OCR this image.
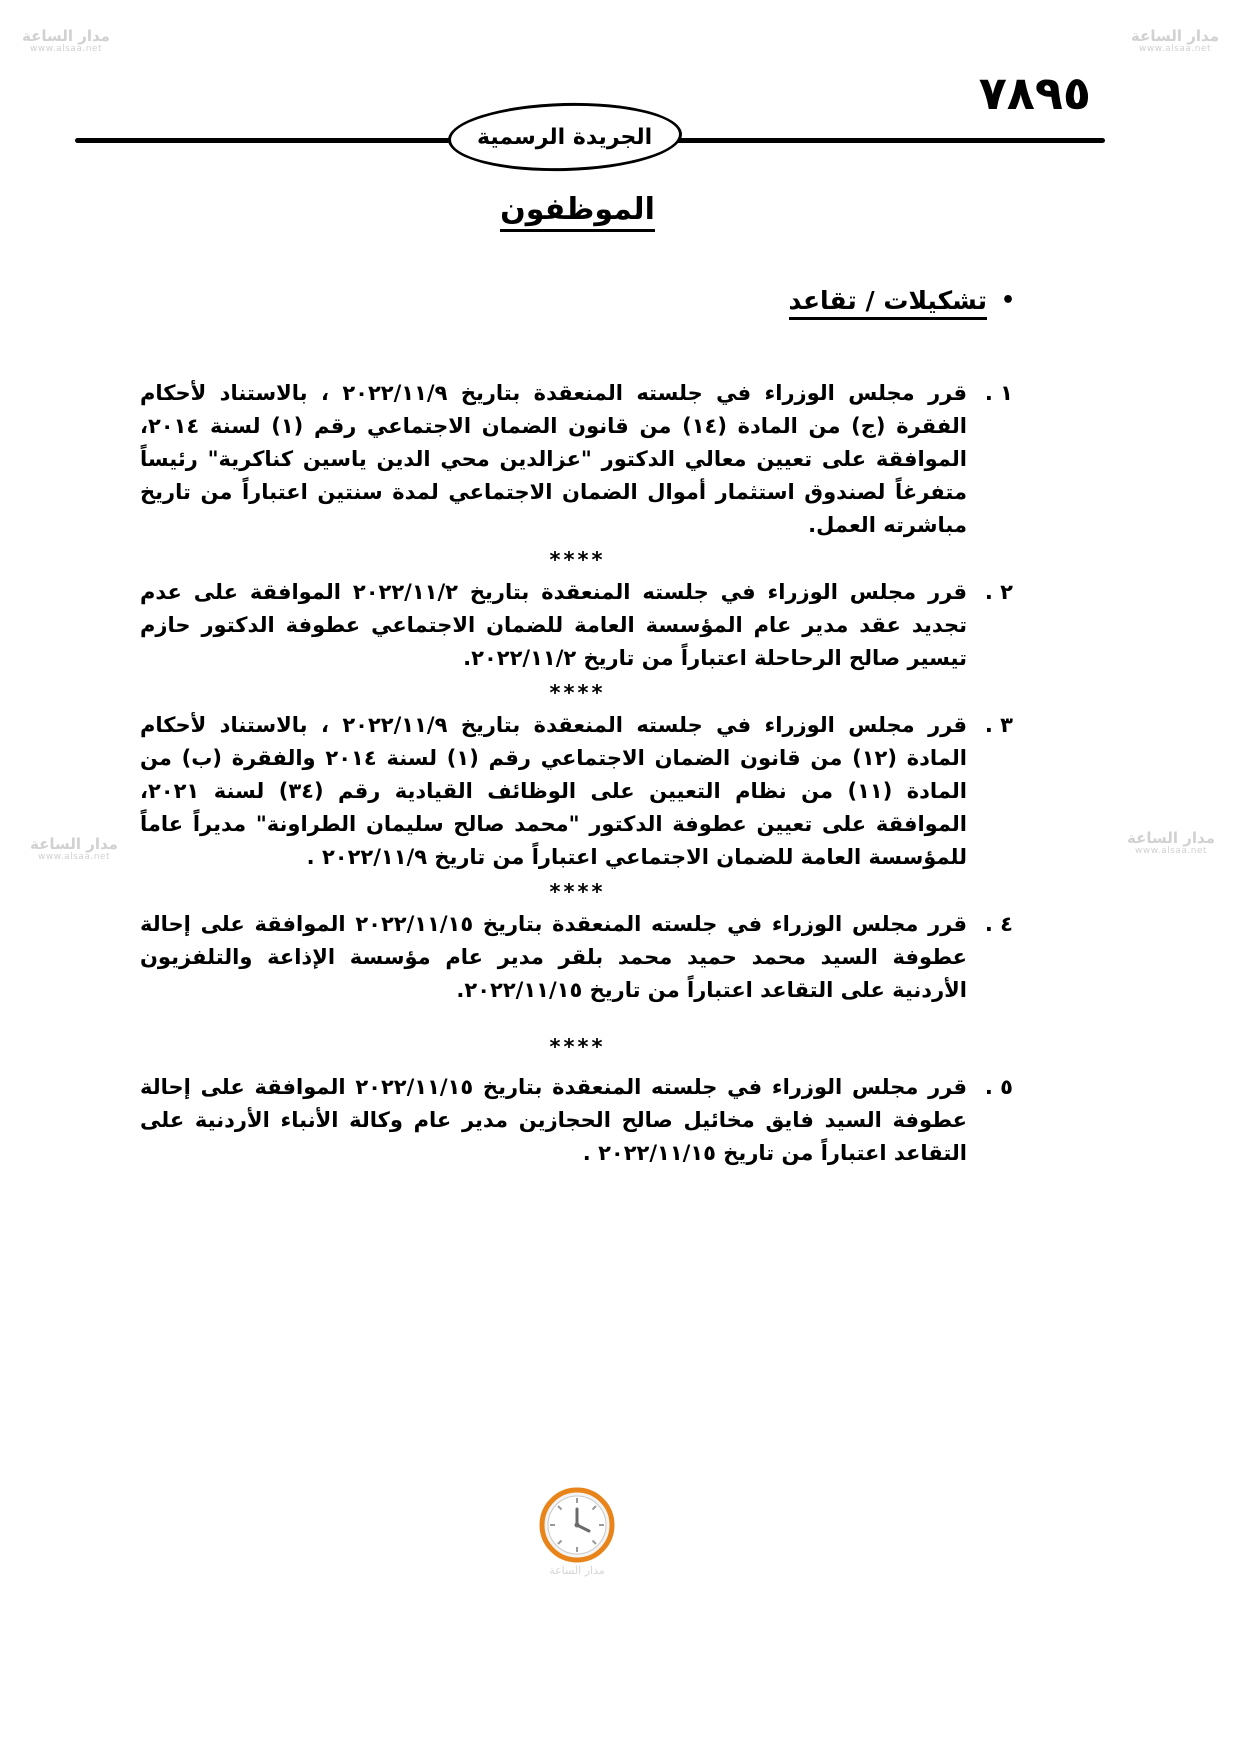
مدار الساعة
www.alsaa.net
مدار الساعة
www.alsaa.net
مدار الساعة
www.alsaa.net
مدار الساعة
www.alsaa.net
٧٨٩٥
الجريدة الرسمية
الموظفون
•
تشكيلات / تقاعد

١ .
قرر مجلس الوزراء في جلسته المنعقدة بتاريخ ٢٠٢٢/١١/٩ ، بالاستناد لأحكام الفقرة (ج) من المادة (١٤) من قانون الضمان الاجتماعي رقم (١) لسنة ٢٠١٤، الموافقة على تعيين معالي الدكتور "عزالدين محي الدين ياسين كناكرية" رئيساً متفرغاً لصندوق استثمار أموال الضمان الاجتماعي لمدة سنتين اعتباراً من تاريخ مباشرته العمل.

****

٢ .
قرر مجلس الوزراء في جلسته المنعقدة بتاريخ ٢٠٢٢/١١/٢ الموافقة على عدم تجديد عقد مدير عام المؤسسة العامة للضمان الاجتماعي عطوفة الدكتور حازم تيسير صالح الرحاحلة اعتباراً من تاريخ ٢٠٢٢/١١/٢.

****

٣ .
قرر مجلس الوزراء في جلسته المنعقدة بتاريخ ٢٠٢٢/١١/٩ ، بالاستناد لأحكام المادة (١٢) من قانون الضمان الاجتماعي رقم (١) لسنة ٢٠١٤ والفقرة (ب) من المادة (١١) من نظام التعيين على الوظائف القيادية رقم (٣٤) لسنة ٢٠٢١، الموافقة على تعيين عطوفة الدكتور "محمد صالح سليمان الطراونة" مديراً عاماً للمؤسسة العامة للضمان الاجتماعي اعتباراً من تاريخ ٢٠٢٢/١١/٩ .

****

٤ .
قرر مجلس الوزراء في جلسته المنعقدة بتاريخ ٢٠٢٢/١١/١٥ الموافقة على إحالة عطوفة السيد محمد حميد محمد بلقر مدير عام مؤسسة الإذاعة والتلفزيون الأردنية على التقاعد اعتباراً من تاريخ ٢٠٢٢/١١/١٥.

****

٥ .
قرر مجلس الوزراء في جلسته المنعقدة بتاريخ ٢٠٢٢/١١/١٥ الموافقة على إحالة عطوفة السيد فايق مخائيل صالح الحجازين مدير عام وكالة الأنباء الأردنية على التقاعد اعتباراً من تاريخ ٢٠٢٢/١١/١٥ .

مدار الساعة
